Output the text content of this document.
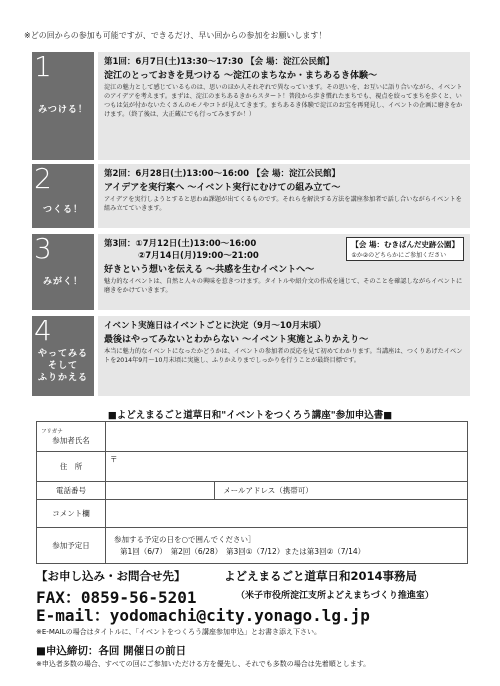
※どの回からの参加も可能ですが、できるだけ、早い回からの参加をお願いします！
1
みつける！
第1回：6月7日(土)13:30〜17:30 【会 場：淀江公民館】
淀江のとっておきを見つける 〜淀江のまちなか・まちあるき体験〜
淀江の魅力として感じているものは、思いのほか人それぞれで異なっています。その思いを、お互いに語り合いながら、イベントのアイデアを考えます。まずは、淀江のまちあるきからスタート！普段から歩き慣れたまちでも、視点を絞ってまちを歩くと、いつもは気が付かないたくさんのモノやコトが見えてきます。まちあるき体験で淀江のお宝を再発見し、イベントの企画に磨きをかけます。（終了後は、大正蔵にでも行ってみますか！）
2
つくる！
第2回：6月28日(土)13:00〜16:00 【会 場：淀江公民館】
アイデアを実行案へ 〜イベント実行にむけての組み立て〜
アイデアを実行しようとすると思わぬ課題が出てくるものです。それらを解決する方法を講座参加者で話し合いながらイベントを組み立てていきます。
3
みがく！
第3回：①7月12日(土)13:00〜16:00
②7月14日(月)19:00〜21:00
【会 場：むきばんだ史跡公園】
①か②のどちらかにご参加ください
好きという想いを伝える 〜共感を生むイベントへ〜
魅力的なイベントは、自然と人々の興味を惹きつけます。タイトルや紹介文の作成を通じて、そのことを確認しながらイベントに磨きをかけていきます。
4
やってみる
そして
ふりかえる
イベント実施日はイベントごとに決定（9月〜10月末頃）
最後はやってみないとわからない 〜イベント実施とふりかえり〜
本当に魅力的なイベントになったかどうかは、イベントの参加者の反応を見て初めてわかります。当講座は、つくりあげたイベントを2014年9月〜10月末頃に実施し、ふりかえりまでしっかりを行うことが最終目標です。
■よどえまるごと道草日和"イベントをつくろう講座"参加申込書■
フリガナ
参加者氏名			
住　所	〒		
電話番号		メールアドレス（携帯可）	
コメント欄			
参加予定日	参加する予定の日を○で囲んでください］
第1回（6/7）　第2回（6/28）　第3回①（7/12）または第3回②（7/14）		
【お申し込み・お問合せ先】	よどえまるごと道草日和2014事務局
FAX：0859-56-5201	（米子市役所淀江支所よどえまちづくり推進室）
E-mail：yodomachi@city.yonago.lg.jp
※E-MAILの場合はタイトルに、「イベントをつくろう講座参加申込」とお書き添え下さい。
■申込締切：各回 開催日の前日
※申込者多数の場合、すべての回にご参加いただける方を優先し、それでも多数の場合は先着順とします。
